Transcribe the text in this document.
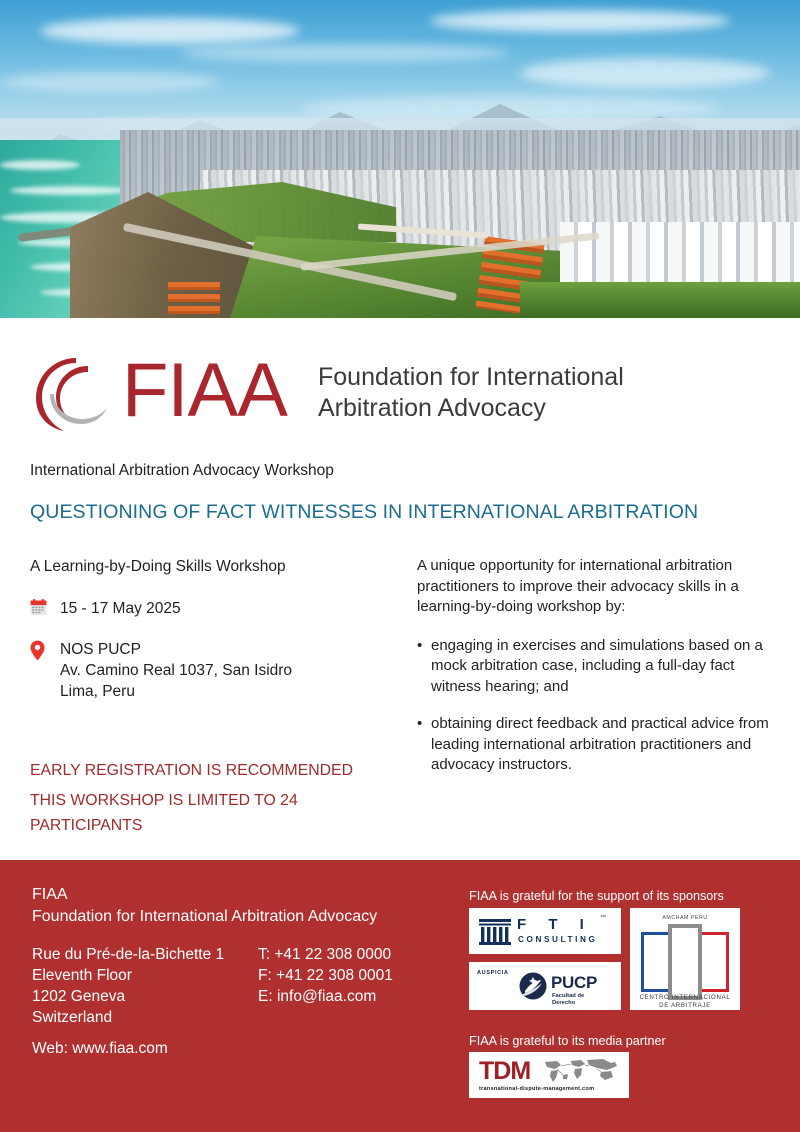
FIAA Foundation for International
Arbitration Advocacy
International Arbitration Advocacy Workshop
QUESTIONING OF FACT WITNESSES IN INTERNATIONAL ARBITRATION
A Learning-by-Doing Skills Workshop
15 - 17 May 2025
NOS PUCP
Av. Camino Real 1037, San Isidro
Lima, Peru
EARLY REGISTRATION IS RECOMMENDED
THIS WORKSHOP IS LIMITED TO 24
PARTICIPANTS
A unique opportunity for international arbitration practitioners to improve their advocacy skills in a learning-by-doing workshop by:
• engaging in exercises and simulations based on a mock arbitration case, including a full-day fact witness hearing; and
• obtaining direct feedback and practical advice from leading international arbitration practitioners and advocacy instructors.
FIAA
Foundation for International Arbitration Advocacy
Rue du Pré-de-la-Bichette 1
Eleventh Floor
1202 Geneva
Switzerland
T: +41 22 308 0000
F: +41 22 308 0001
E: info@fiaa.com
Web: www.fiaa.com
FIAA is grateful for the support of its sponsors
FIAA is grateful to its media partner
F T I ™
CONSULTING
AUSPICIA PUCP
Facultad de
Derecho
AMCHAM PERU
CENTRO INTERNACIONAL
DE ARBITRAJE
TDM
transnational-dispute-management.com
